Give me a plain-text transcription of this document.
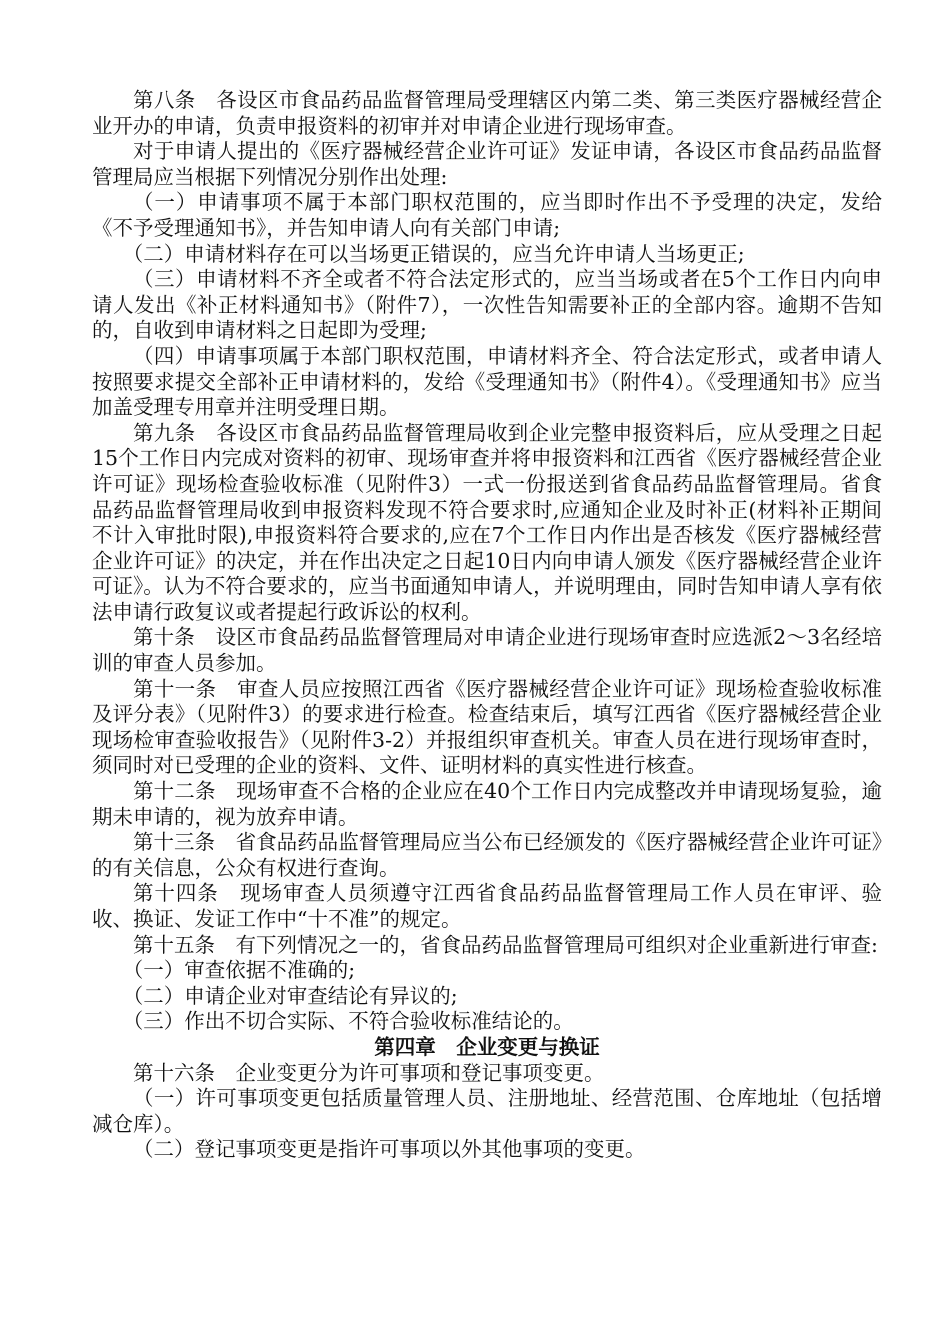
第八条　各设区市食品药品监督管理局受理辖区内第二类、第三类医疗器械经营企业开办的申请，负责申报资料的初审并对申请企业进行现场审查。

对于申请人提出的《医疗器械经营企业许可证》发证申请，各设区市食品药品监督管理局应当根据下列情况分别作出处理:

（一）申请事项不属于本部门职权范围的，应当即时作出不予受理的决定，发给《不予受理通知书》，并告知申请人向有关部门申请;

（二）申请材料存在可以当场更正错误的，应当允许申请人当场更正;

（三）申请材料不齐全或者不符合法定形式的，应当当场或者在5个工作日内向申请人发出《补正材料通知书》（附件7），一次性告知需要补正的全部内容。逾期不告知的，自收到申请材料之日起即为受理;

（四）申请事项属于本部门职权范围，申请材料齐全、符合法定形式，或者申请人按照要求提交全部补正申请材料的，发给《受理通知书》（附件4）。《受理通知书》应当加盖受理专用章并注明受理日期。

第九条　各设区市食品药品监督管理局收到企业完整申报资料后，应从受理之日起15个工作日内完成对资料的初审、现场审查并将申报资料和江西省《医疗器械经营企业许可证》现场检查验收标准（见附件3）一式一份报送到省食品药品监督管理局。省食品药品监督管理局收到申报资料发现不符合要求时,应通知企业及时补正(材料补正期间不计入审批时限),申报资料符合要求的,应在7个工作日内作出是否核发《医疗器械经营企业许可证》的决定，并在作出决定之日起10日内向申请人颁发《医疗器械经营企业许可证》。认为不符合要求的，应当书面通知申请人，并说明理由，同时告知申请人享有依法申请行政复议或者提起行政诉讼的权利。

第十条　设区市食品药品监督管理局对申请企业进行现场审查时应选派2～3名经培训的审查人员参加。

第十一条　审查人员应按照江西省《医疗器械经营企业许可证》现场检查验收标准及评分表》（见附件3）的要求进行检查。检查结束后，填写江西省《医疗器械经营企业现场检审查验收报告》（见附件3-2）并报组织审查机关。审查人员在进行现场审查时，须同时对已受理的企业的资料、文件、证明材料的真实性进行核查。

第十二条　现场审查不合格的企业应在40个工作日内完成整改并申请现场复验，逾期未申请的，视为放弃申请。

第十三条　省食品药品监督管理局应当公布已经颁发的《医疗器械经营企业许可证》的有关信息，公众有权进行查询。

第十四条　现场审查人员须遵守江西省食品药品监督管理局工作人员在审评、验收、换证、发证工作中“十不准”的规定。

第十五条　有下列情况之一的，省食品药品监督管理局可组织对企业重新进行审查:

（一）审查依据不准确的;

（二）申请企业对审查结论有异议的;

（三）作出不切合实际、不符合验收标准结论的。

第四章　企业变更与换证

第十六条　企业变更分为许可事项和登记事项变更。

（一）许可事项变更包括质量管理人员、注册地址、经营范围、仓库地址（包括增减仓库）。

（二）登记事项变更是指许可事项以外其他事项的变更。
